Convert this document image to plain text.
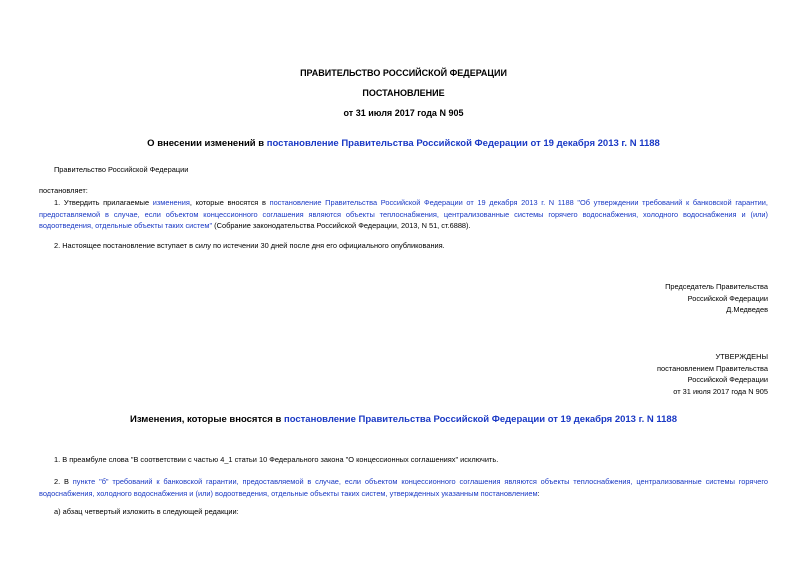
ПРАВИТЕЛЬСТВО РОССИЙСКОЙ ФЕДЕРАЦИИ
ПОСТАНОВЛЕНИЕ
от 31 июля 2017 года N 905
О внесении изменений в постановление Правительства Российской Федерации от 19 декабря 2013 г. N 1188
Правительство Российской Федерации
постановляет:
1. Утвердить прилагаемые изменения, которые вносятся в постановление Правительства Российской Федерации от 19 декабря 2013 г. N 1188 "Об утверждении требований к банковской гарантии, предоставляемой в случае, если объектом концессионного соглашения являются объекты теплоснабжения, централизованные системы горячего водоснабжения, холодного водоснабжения и (или) водоотведения, отдельные объекты таких систем" (Собрание законодательства Российской Федерации, 2013, N 51, ст.6888).
2. Настоящее постановление вступает в силу по истечении 30 дней после дня его официального опубликования.
Председатель Правительства
Российской Федерации
Д.Медведев
УТВЕРЖДЕНЫ
постановлением Правительства
Российской Федерации
от 31 июля 2017 года N 905
Изменения, которые вносятся в постановление Правительства Российской Федерации от 19 декабря 2013 г. N 1188
1. В преамбуле слова "В соответствии с частью 4_1 статьи 10 Федерального закона "О концессионных соглашениях" исключить.
2. В пункте "б" требований к банковской гарантии, предоставляемой в случае, если объектом концессионного соглашения являются объекты теплоснабжения, централизованные системы горячего водоснабжения, холодного водоснабжения и (или) водоотведения, отдельные объекты таких систем, утвержденных указанным постановлением:
а) абзац четвертый изложить в следующей редакции:
